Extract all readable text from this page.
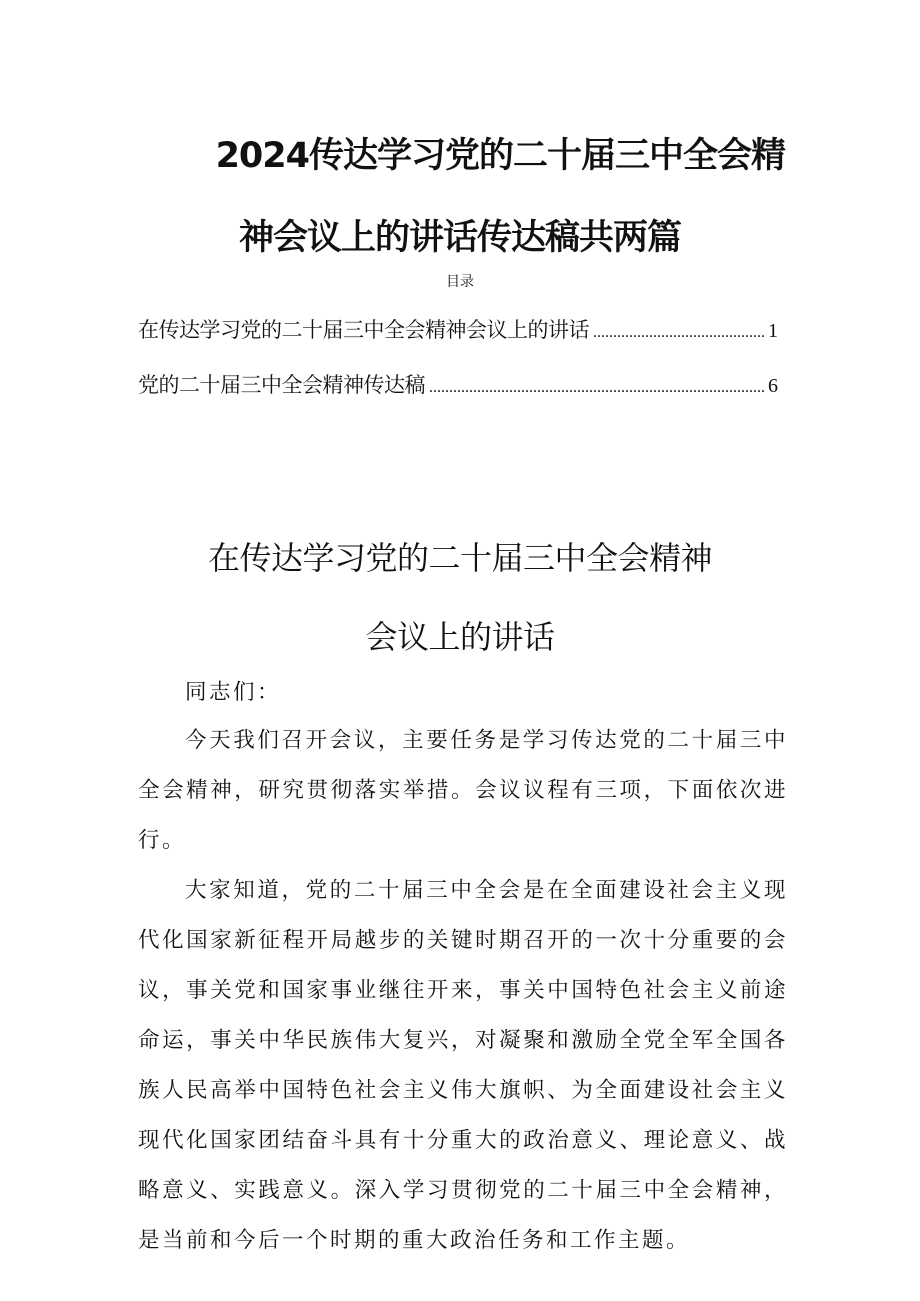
2024传达学习党的二十届三中全会精
神会议上的讲话传达稿共两篇
目录
在传达学习党的二十届三中全会精神会议上的讲话 .....	1
党的二十届三中全会精神传达稿 .....	6
在传达学习党的二十届三中全会精神
会议上的讲话
同志们：

今天我们召开会议，主要任务是学习传达党的二十届三中全会精神，研究贯彻落实举措。会议议程有三项，下面依次进行。

大家知道，党的二十届三中全会是在全面建设社会主义现代化国家新征程开局越步的关键时期召开的一次十分重要的会议，事关党和国家事业继往开来，事关中国特色社会主义前途命运，事关中华民族伟大复兴，对凝聚和激励全党全军全国各族人民高举中国特色社会主义伟大旗帜、为全面建设社会主义现代化国家团结奋斗具有十分重大的政治意义、理论意义、战略意义、实践意义。深入学习贯彻党的二十届三中全会精神，是当前和今后一个时期的重大政治任务和工作主题。
